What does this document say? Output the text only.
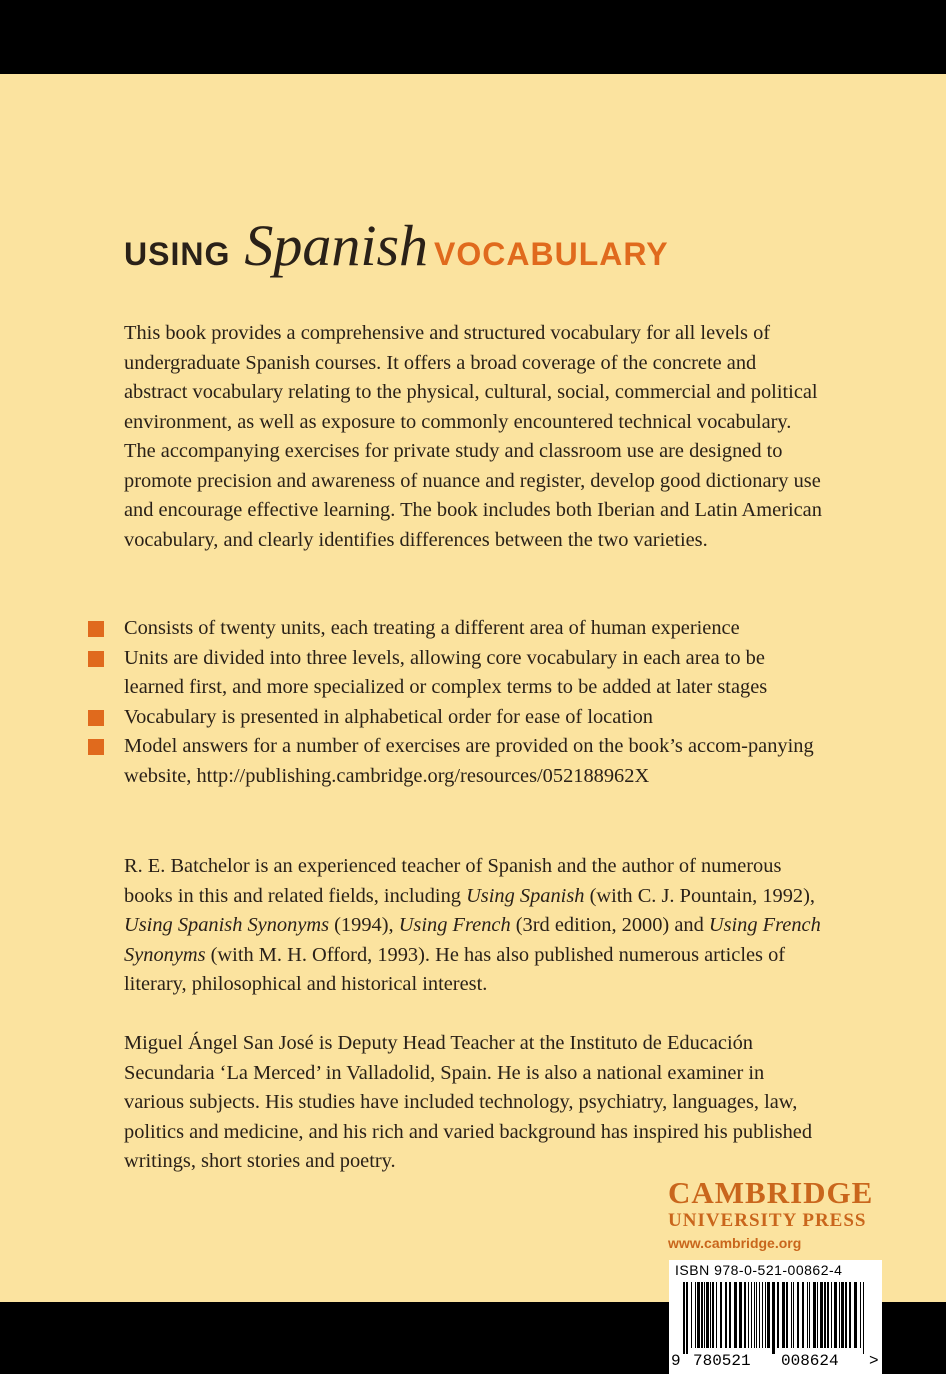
USING Spanish VOCABULARY

This book provides a comprehensive and structured vocabulary for all levels of undergraduate Spanish courses. It offers a broad coverage of the concrete and abstract vocabulary relating to the physical, cultural, social, commercial and political environment, as well as exposure to commonly encountered technical vocabulary. The accompanying exercises for private study and classroom use are designed to promote precision and awareness of nuance and register, develop good dictionary use and encourage effective learning. The book includes both Iberian and Latin American vocabulary, and clearly identifies differences between the two varieties.

Consists of twenty units, each treating a different area of human experience
Units are divided into three levels, allowing core vocabulary in each area to be learned first, and more specialized or complex terms to be added at later stages
Vocabulary is presented in alphabetical order for ease of location
Model answers for a number of exercises are provided on the book’s accom-panying website, http://publishing.cambridge.org/resources/052188962X

R. E. Batchelor is an experienced teacher of Spanish and the author of numerous books in this and related fields, including Using Spanish (with C. J. Pountain, 1992), Using Spanish Synonyms (1994), Using French (3rd edition, 2000) and Using French Synonyms (with M. H. Offord, 1993). He has also published numerous articles of literary, philosophical and historical interest.

Miguel Ángel San José is Deputy Head Teacher at the Instituto de Educación Secundaria ‘La Merced’ in Valladolid, Spain. He is also a national examiner in various subjects. His studies have included technology, psychiatry, languages, law, politics and medicine, and his rich and varied background has inspired his published writings, short stories and poetry.

CAMBRIDGE
UNIVERSITY PRESS
www.cambridge.org
ISBN 978-0-521-00862-4
9 780521 008624 >
